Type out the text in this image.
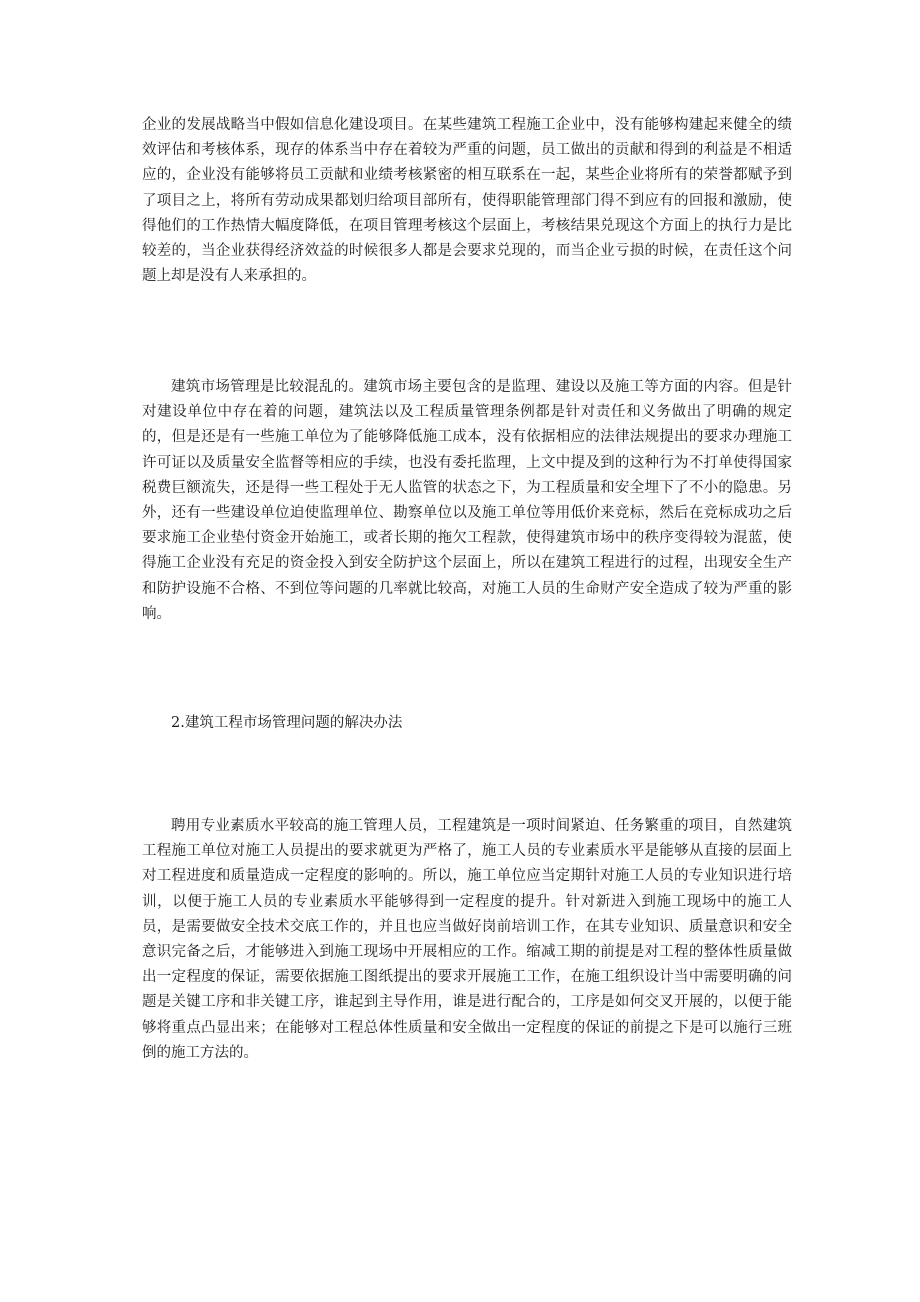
企业的发展战略当中假如信息化建设项目。在某些建筑工程施工企业中，没有能够构建起来健全的绩效评估和考核体系，现存的体系当中存在着较为严重的问题，员工做出的贡献和得到的利益是不相适应的，企业没有能够将员工贡献和业绩考核紧密的相互联系在一起，某些企业将所有的荣誉都赋予到了项目之上，将所有劳动成果都划归给项目部所有，使得职能管理部门得不到应有的回报和激励，使得他们的工作热情大幅度降低，在项目管理考核这个层面上，考核结果兑现这个方面上的执行力是比较差的，当企业获得经济效益的时候很多人都是会要求兑现的，而当企业亏损的时候，在责任这个问题上却是没有人来承担的。

建筑市场管理是比较混乱的。建筑市场主要包含的是监理、建设以及施工等方面的内容。但是针对建设单位中存在着的问题，建筑法以及工程质量管理条例都是针对责任和义务做出了明确的规定的，但是还是有一些施工单位为了能够降低施工成本，没有依据相应的法律法规提出的要求办理施工许可证以及质量安全监督等相应的手续，也没有委托监理，上文中提及到的这种行为不打单使得国家税费巨额流失，还是得一些工程处于无人监管的状态之下，为工程质量和安全埋下了不小的隐患。另外，还有一些建设单位迫使监理单位、勘察单位以及施工单位等用低价来竞标，然后在竞标成功之后要求施工企业垫付资金开始施工，或者长期的拖欠工程款，使得建筑市场中的秩序变得较为混蓝，使得施工企业没有充足的资金投入到安全防护这个层面上，所以在建筑工程进行的过程，出现安全生产和防护设施不合格、不到位等问题的几率就比较高，对施工人员的生命财产安全造成了较为严重的影响。

2.建筑工程市场管理问题的解决办法

聘用专业素质水平较高的施工管理人员，工程建筑是一项时间紧迫、任务繁重的项目，自然建筑工程施工单位对施工人员提出的要求就更为严格了，施工人员的专业素质水平是能够从直接的层面上对工程进度和质量造成一定程度的影响的。所以，施工单位应当定期针对施工人员的专业知识进行培训，以便于施工人员的专业素质水平能够得到一定程度的提升。针对新进入到施工现场中的施工人员，是需要做安全技术交底工作的，并且也应当做好岗前培训工作，在其专业知识、质量意识和安全意识完备之后，才能够进入到施工现场中开展相应的工作。缩减工期的前提是对工程的整体性质量做出一定程度的保证，需要依据施工图纸提出的要求开展施工工作，在施工组织设计当中需要明确的问题是关键工序和非关键工序，谁起到主导作用，谁是进行配合的，工序是如何交叉开展的，以便于能够将重点凸显出来；在能够对工程总体性质量和安全做出一定程度的保证的前提之下是可以施行三班倒的施工方法的。
